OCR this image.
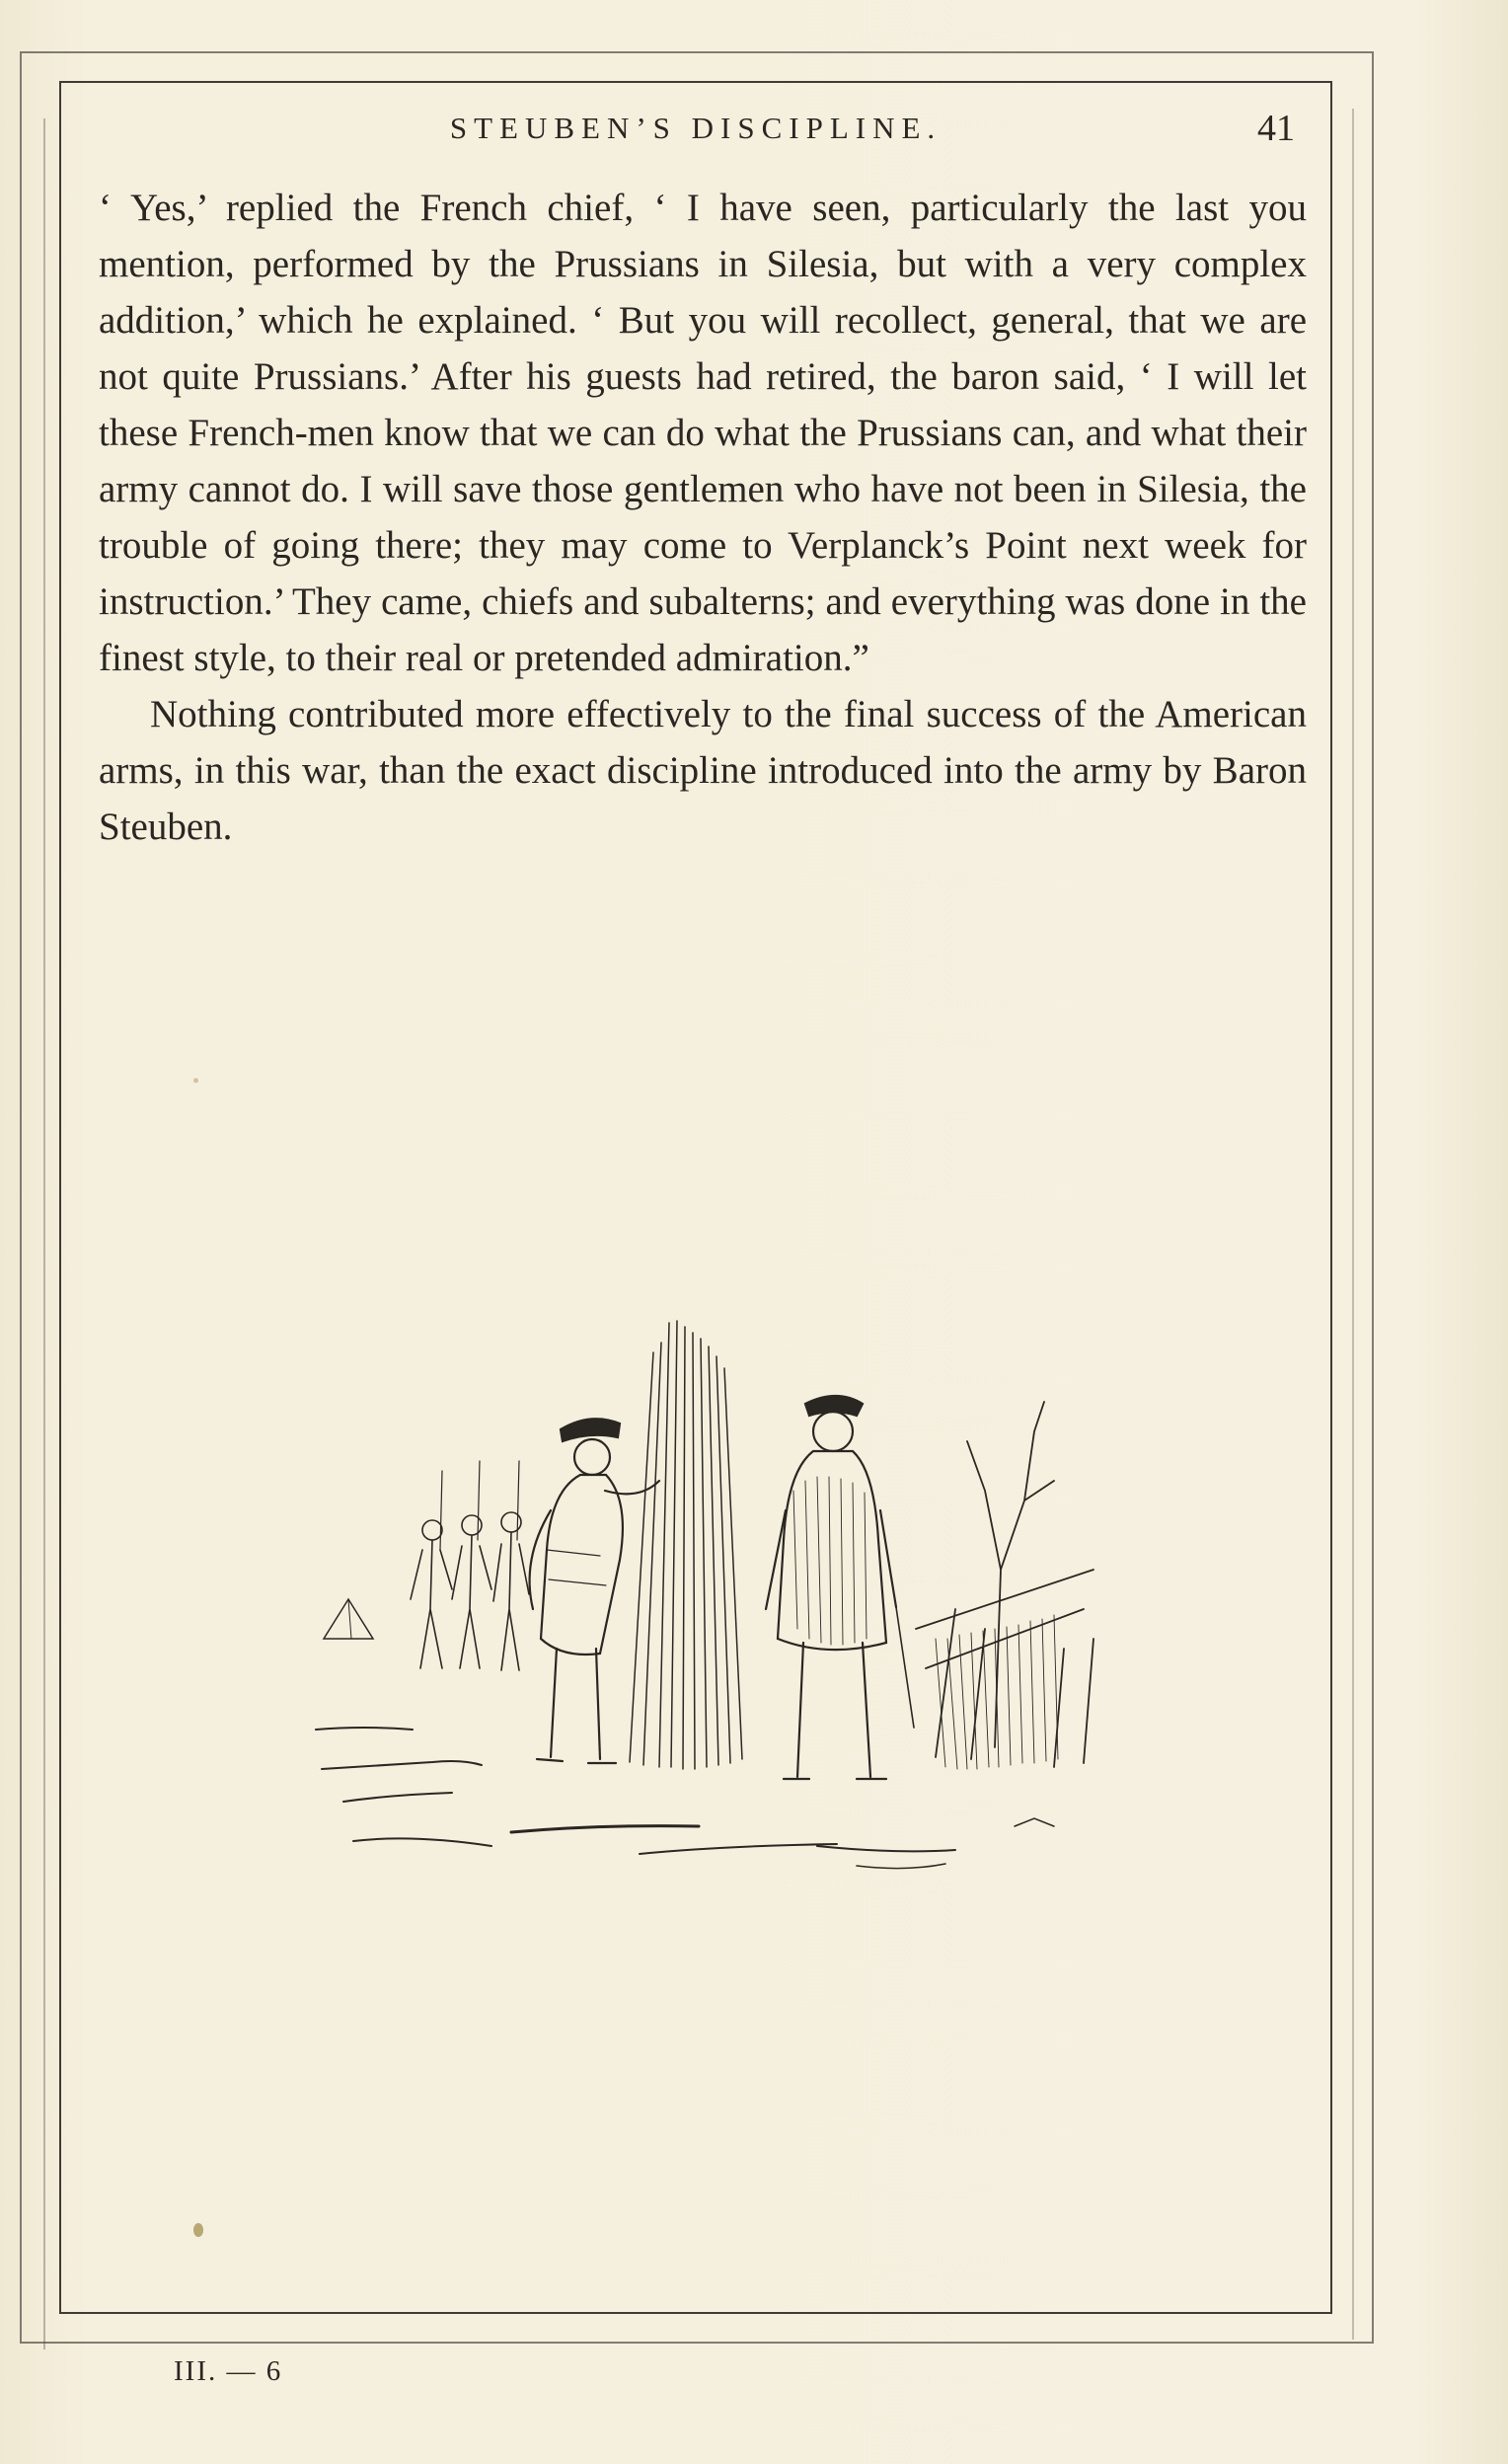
STEUBEN’S DISCIPLINE.	41

‘ Yes,’ replied the French chief, ‘ I have seen, particularly the last you mention, performed by the Prussians in Silesia, but with a very complex addition,’ which he explained. ‘ But you will recollect, general, that we are not quite Prussians.’ After his guests had retired, the baron said, ‘ I will let these French-men know that we can do what the Prussians can, and what their army cannot do. I will save those gentlemen who have not been in Silesia, the trouble of going there; they may come to Verplanck’s Point next week for instruction.’ They came, chiefs and subalterns; and everything was done in the finest style, to their real or pretended admiration.”

Nothing contributed more effectively to the final success of the American arms, in this war, than the exact discipline introduced into the army by Baron Steuben.

III. — 6
